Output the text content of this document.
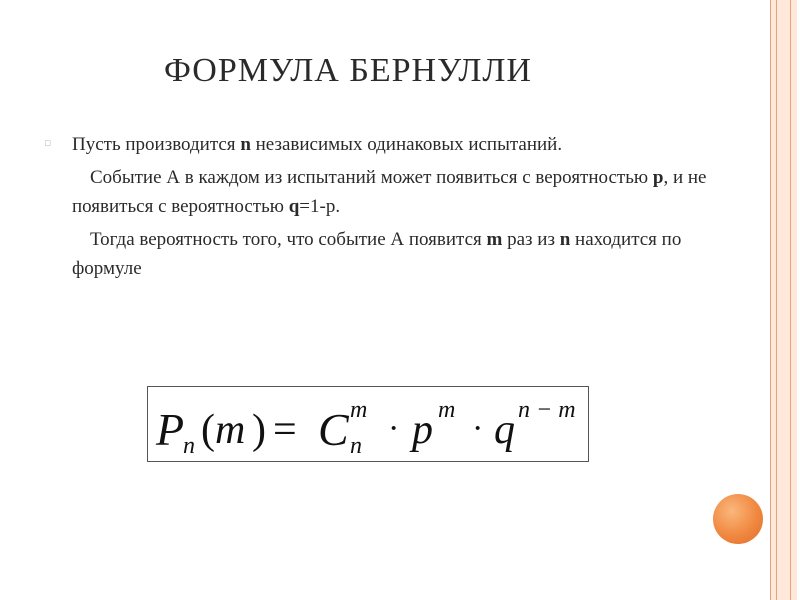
ФОРМУЛА БЕРНУЛЛИ
▫ Пусть производится n независимых одинаковых испытаний.

Событие А в каждом из испытаний может появиться с вероятностью p, и не появиться с вероятностью q=1-р.

Тогда вероятность того, что событие А появится m раз из n находится по формуле

P
n ( m ) = C m
n · p m · q n − m
